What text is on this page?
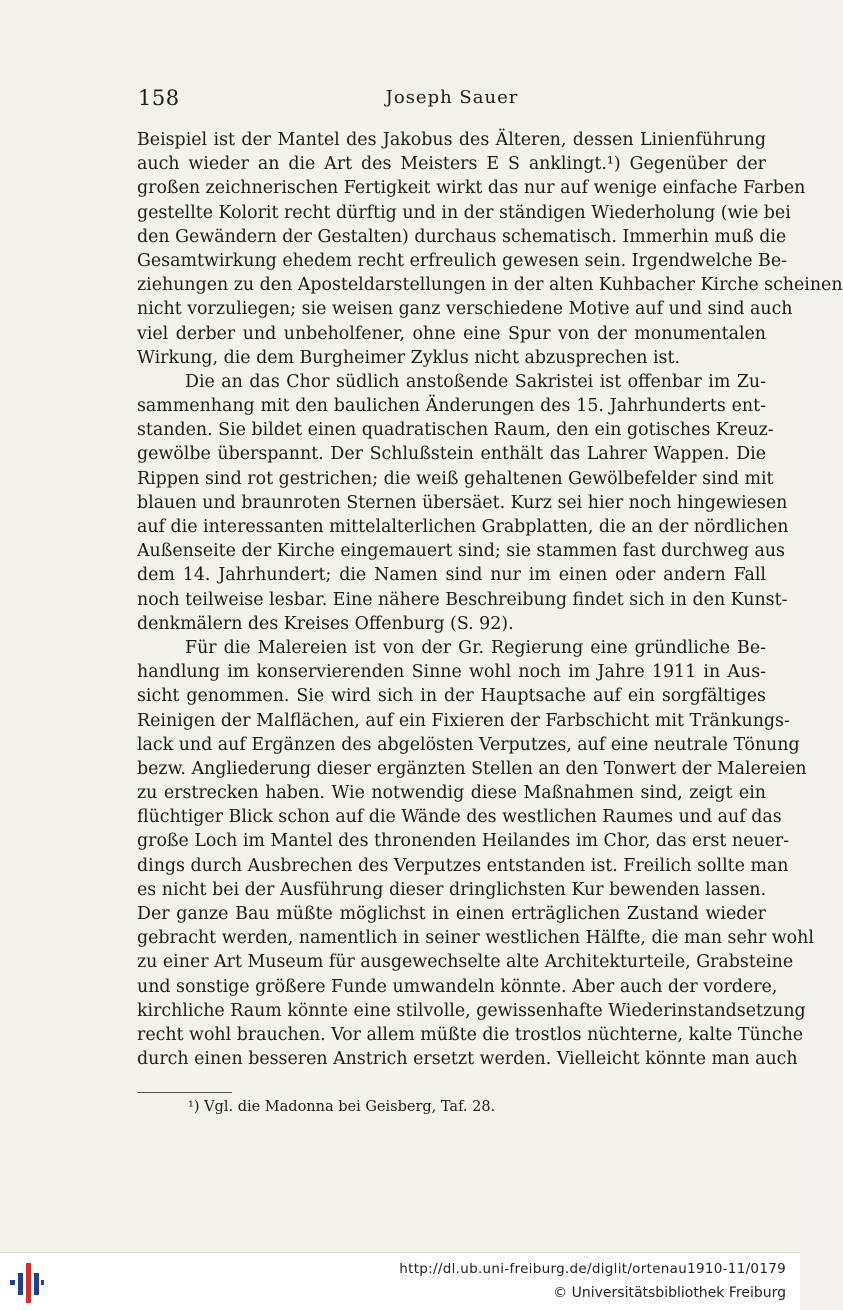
158	Joseph Sauer
Beispiel ist der Mantel des Jakobus des Älteren, dessen Linienführung
auch wieder an die Art des Meisters E S anklingt.¹) Gegenüber der
großen zeichnerischen Fertigkeit wirkt das nur auf wenige einfache Farben
gestellte Kolorit recht dürftig und in der ständigen Wiederholung (wie bei
den Gewändern der Gestalten) durchaus schematisch. Immerhin muß die
Gesamtwirkung ehedem recht erfreulich gewesen sein. Irgendwelche Be-
ziehungen zu den Aposteldarstellungen in der alten Kuhbacher Kirche scheinen
nicht vorzuliegen; sie weisen ganz verschiedene Motive auf und sind auch
viel derber und unbeholfener, ohne eine Spur von der monumentalen
Wirkung, die dem Burgheimer Zyklus nicht abzusprechen ist.
Die an das Chor südlich anstoßende Sakristei ist offenbar im Zu-
sammenhang mit den baulichen Änderungen des 15. Jahrhunderts ent-
standen. Sie bildet einen quadratischen Raum, den ein gotisches Kreuz-
gewölbe überspannt. Der Schlußstein enthält das Lahrer Wappen. Die
Rippen sind rot gestrichen; die weiß gehaltenen Gewölbefelder sind mit
blauen und braunroten Sternen übersäet. Kurz sei hier noch hingewiesen
auf die interessanten mittelalterlichen Grabplatten, die an der nördlichen
Außenseite der Kirche eingemauert sind; sie stammen fast durchweg aus
dem 14. Jahrhundert; die Namen sind nur im einen oder andern Fall
noch teilweise lesbar. Eine nähere Beschreibung findet sich in den Kunst-
denkmälern des Kreises Offenburg (S. 92).
Für die Malereien ist von der Gr. Regierung eine gründliche Be-
handlung im konservierenden Sinne wohl noch im Jahre 1911 in Aus-
sicht genommen. Sie wird sich in der Hauptsache auf ein sorgfältiges
Reinigen der Malflächen, auf ein Fixieren der Farbschicht mit Tränkungs-
lack und auf Ergänzen des abgelösten Verputzes, auf eine neutrale Tönung
bezw. Angliederung dieser ergänzten Stellen an den Tonwert der Malereien
zu erstrecken haben. Wie notwendig diese Maßnahmen sind, zeigt ein
flüchtiger Blick schon auf die Wände des westlichen Raumes und auf das
große Loch im Mantel des thronenden Heilandes im Chor, das erst neuer-
dings durch Ausbrechen des Verputzes entstanden ist. Freilich sollte man
es nicht bei der Ausführung dieser dringlichsten Kur bewenden lassen.
Der ganze Bau müßte möglichst in einen erträglichen Zustand wieder
gebracht werden, namentlich in seiner westlichen Hälfte, die man sehr wohl
zu einer Art Museum für ausgewechselte alte Architekturteile, Grabsteine
und sonstige größere Funde umwandeln könnte. Aber auch der vordere,
kirchliche Raum könnte eine stilvolle, gewissenhafte Wiederinstandsetzung
recht wohl brauchen. Vor allem müßte die trostlos nüchterne, kalte Tünche
durch einen besseren Anstrich ersetzt werden. Vielleicht könnte man auch
¹) Vgl. die Madonna bei Geisberg, Taf. 28.
http://dl.ub.uni-freiburg.de/diglit/ortenau1910-11/0179
© Universitätsbibliothek Freiburg
